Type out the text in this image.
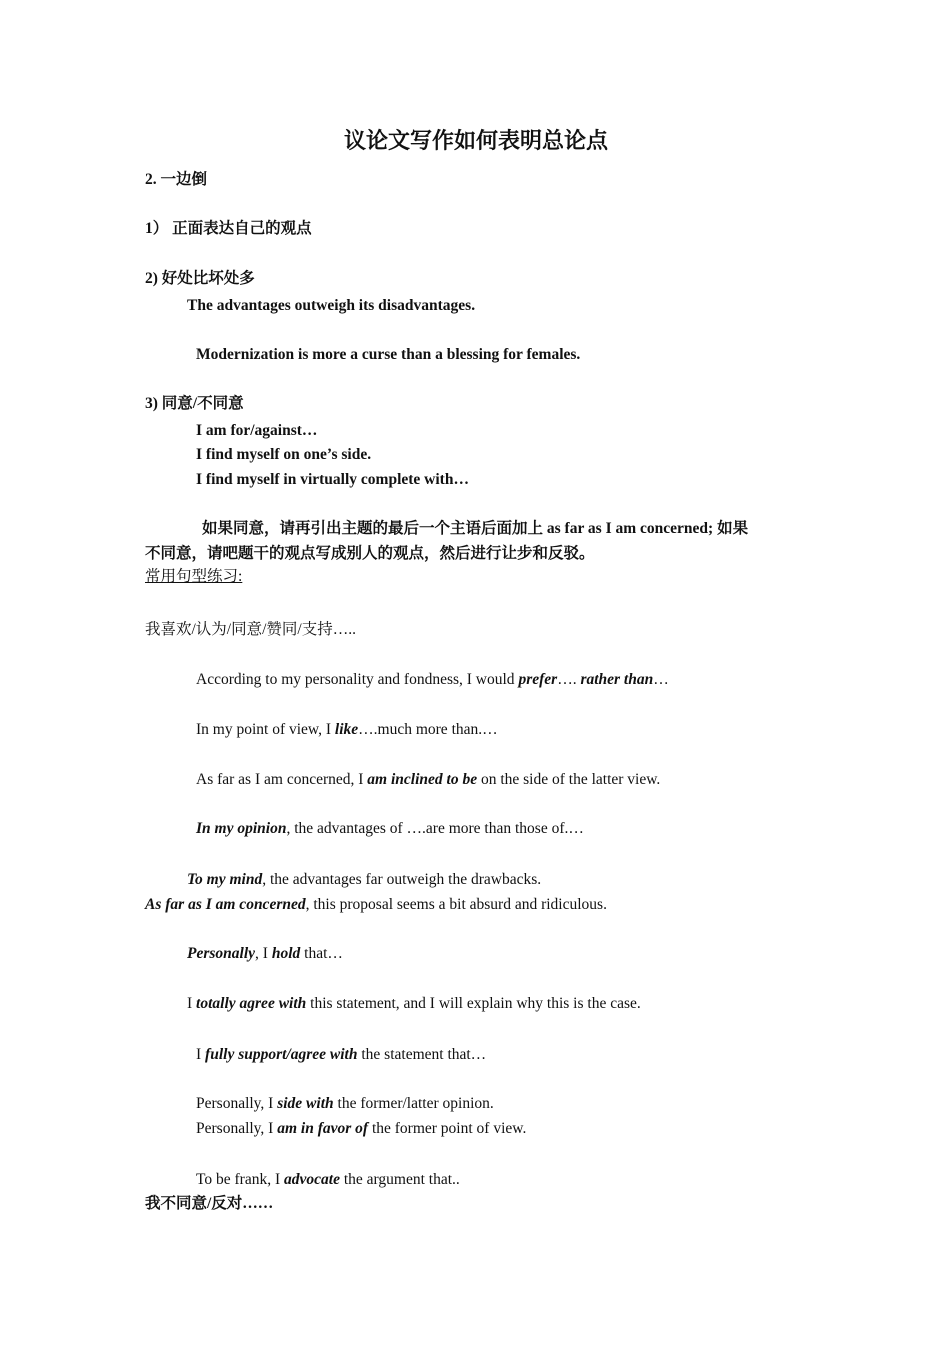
议论文写作如何表明总论点
2. 一边倒
1） 正面表达自己的观点
2) 好处比坏处多
The advantages outweigh its disadvantages.
Modernization is more a curse than a blessing for females.
3) 同意/不同意
I am for/against…
I find myself on one’s side.
I find myself in virtually complete with…
如果同意，请再引出主题的最后一个主语后面加上 as far as I am concerned; 如果
不同意，请吧题干的观点写成别人的观点，然后进行让步和反驳。
常用句型练习:
我喜欢/认为/同意/赞同/支持…..
According to my personality and fondness, I would prefer…. rather than…
In my point of view, I like….much more than.…
As far as I am concerned, I am inclined to be on the side of the latter view.
In my opinion, the advantages of ….are more than those of.…
To my mind, the advantages far outweigh the drawbacks.
As far as I am concerned, this proposal seems a bit absurd and ridiculous.
Personally, I hold that…
I totally agree with this statement, and I will explain why this is the case.
I fully support/agree with the statement that…
Personally, I side with the former/latter opinion.
Personally, I am in favor of the former point of view.
To be frank, I advocate the argument that..
我不同意/反对……
